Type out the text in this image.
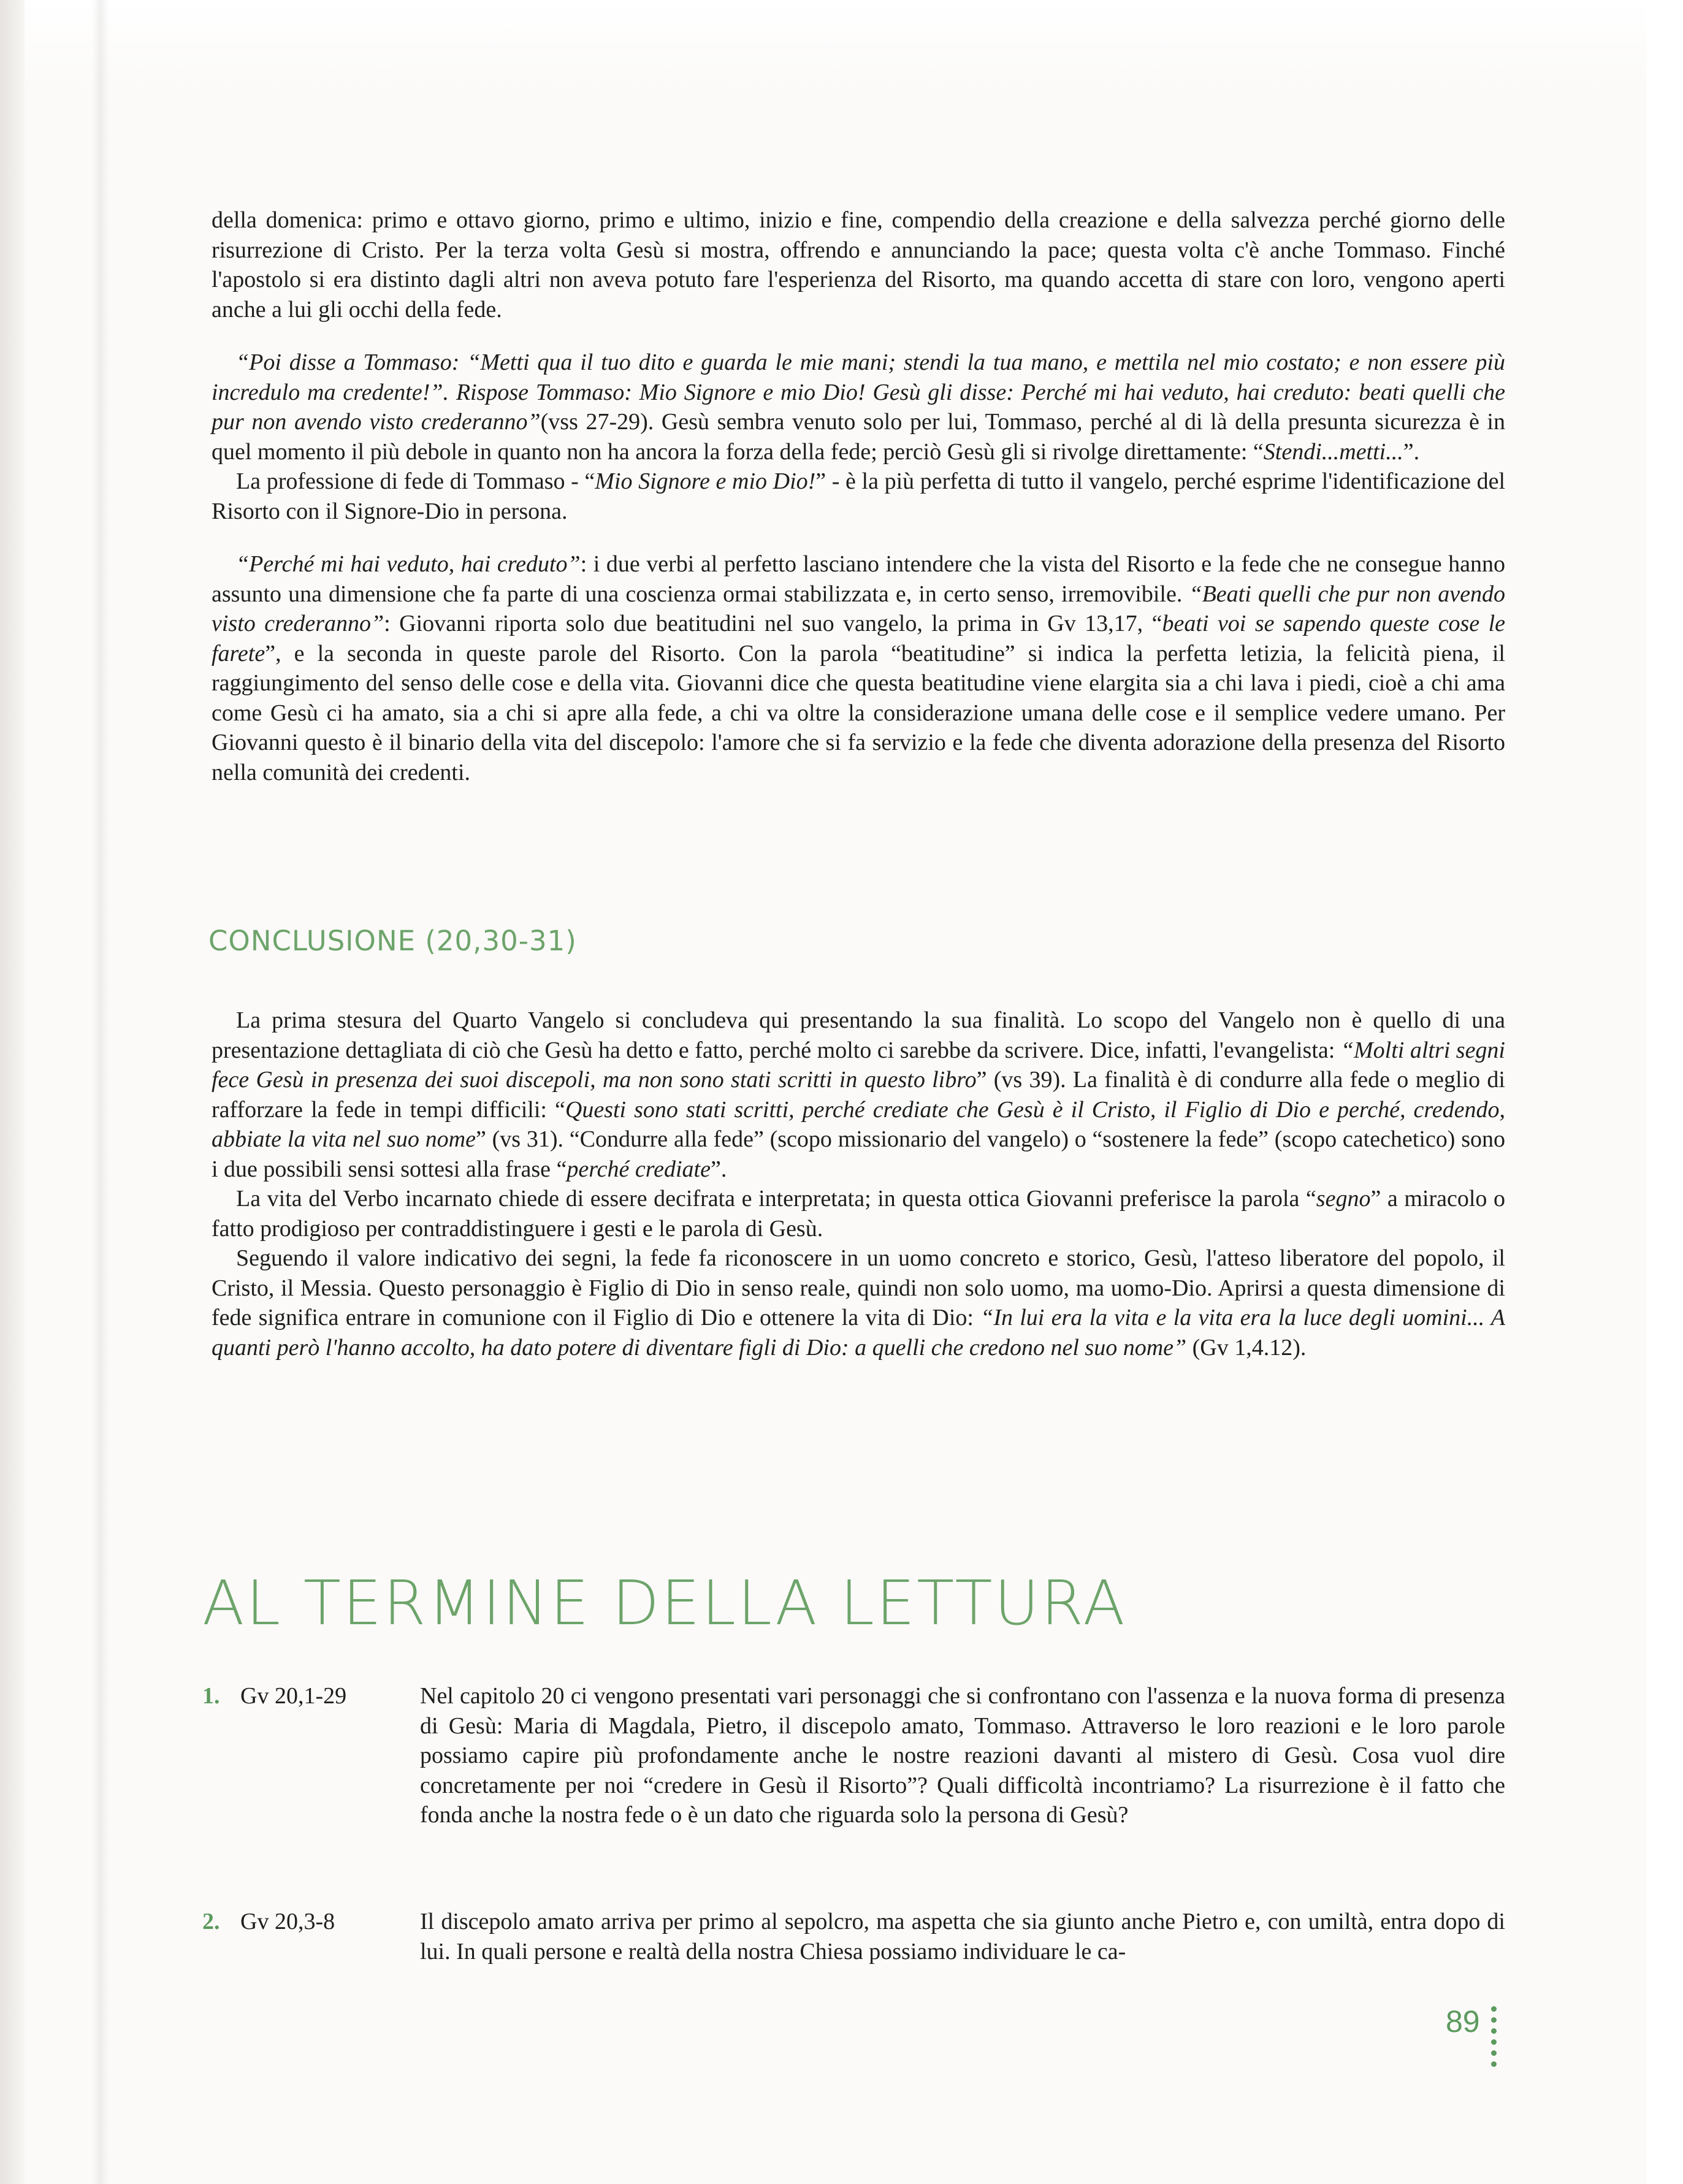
della domenica: primo e ottavo giorno, primo e ultimo, inizio e fine, compendio della creazione e della salvezza perché giorno delle risurrezione di Cristo. Per la terza volta Gesù si mostra, offrendo e annunciando la pace; questa volta c'è anche Tommaso. Finché l'apostolo si era distinto dagli altri non aveva potuto fare l'esperienza del Risorto, ma quando accetta di stare con loro, vengono aperti anche a lui gli occhi della fede.

“Poi disse a Tommaso: “Metti qua il tuo dito e guarda le mie mani; stendi la tua mano, e mettila nel mio costato; e non essere più incredulo ma credente!”. Rispose Tommaso: Mio Signore e mio Dio! Gesù gli disse: Perché mi hai veduto, hai creduto: beati quelli che pur non avendo visto crederanno”(vss 27-29). Gesù sembra venuto solo per lui, Tommaso, perché al di là della presunta sicurezza è in quel momento il più debole in quanto non ha ancora la forza della fede; perciò Gesù gli si rivolge direttamente: “Stendi...metti...”.

La professione di fede di Tommaso - “Mio Signore e mio Dio!” - è la più perfetta di tutto il vangelo, perché esprime l'identificazione del Risorto con il Signore-Dio in persona.

“Perché mi hai veduto, hai creduto”: i due verbi al perfetto lasciano intendere che la vista del Risorto e la fede che ne consegue hanno assunto una dimensione che fa parte di una coscienza ormai stabilizzata e, in certo senso, irremovibile. “Beati quelli che pur non avendo visto crederanno”: Giovanni riporta solo due beatitudini nel suo vangelo, la prima in Gv 13,17, “beati voi se sapendo queste cose le farete”, e la seconda in queste parole del Risorto. Con la parola “beatitudine” si indica la perfetta letizia, la felicità piena, il raggiungimento del senso delle cose e della vita. Giovanni dice che questa beatitudine viene elargita sia a chi lava i piedi, cioè a chi ama come Gesù ci ha amato, sia a chi si apre alla fede, a chi va oltre la considerazione umana delle cose e il semplice vedere umano. Per Giovanni questo è il binario della vita del discepolo: l'amore che si fa servizio e la fede che diventa adorazione della presenza del Risorto nella comunità dei credenti.

CONCLUSIONE (20,30-31)

La prima stesura del Quarto Vangelo si concludeva qui presentando la sua finalità. Lo scopo del Vangelo non è quello di una presentazione dettagliata di ciò che Gesù ha detto e fatto, perché molto ci sarebbe da scrivere. Dice, infatti, l'evangelista: “Molti altri segni fece Gesù in presenza dei suoi discepoli, ma non sono stati scritti in questo libro” (vs 39). La finalità è di condurre alla fede o meglio di rafforzare la fede in tempi difficili: “Questi sono stati scritti, perché crediate che Gesù è il Cristo, il Figlio di Dio e perché, credendo, abbiate la vita nel suo nome” (vs 31). “Condurre alla fede” (scopo missionario del vangelo) o “sostenere la fede” (scopo catechetico) sono i due possibili sensi sottesi alla frase “perché crediate”.

La vita del Verbo incarnato chiede di essere decifrata e interpretata; in questa ottica Giovanni preferisce la parola “segno” a miracolo o fatto prodigioso per contraddistinguere i gesti e le parola di Gesù.

Seguendo il valore indicativo dei segni, la fede fa riconoscere in un uomo concreto e storico, Gesù, l'atteso liberatore del popolo, il Cristo, il Messia. Questo personaggio è Figlio di Dio in senso reale, quindi non solo uomo, ma uomo-Dio. Aprirsi a questa dimensione di fede significa entrare in comunione con il Figlio di Dio e ottenere la vita di Dio: “In lui era la vita e la vita era la luce degli uomini... A quanti però l'hanno accolto, ha dato potere di diventare figli di Dio: a quelli che credono nel suo nome” (Gv 1,4.12).

AL TERMINE DELLA LETTURA
1. Gv 20,1-29	Nel capitolo 20 ci vengono presentati vari personaggi che si confrontano con l'assenza e la nuova forma di presenza di Gesù: Maria di Magdala, Pietro, il discepolo amato, Tommaso. Attraverso le loro reazioni e le loro parole possiamo capire più profondamente anche le nostre reazioni davanti al mistero di Gesù. Cosa vuol dire concretamente per noi “credere in Gesù il Risorto”? Quali difficoltà incontriamo? La risurrezione è il fatto che fonda anche la nostra fede o è un dato che riguarda solo la persona di Gesù?
2. Gv 20,3-8	Il discepolo amato arriva per primo al sepolcro, ma aspetta che sia giunto anche Pietro e, con umiltà, entra dopo di lui. In quali persone e realtà della nostra Chiesa possiamo individuare le ca-
89
